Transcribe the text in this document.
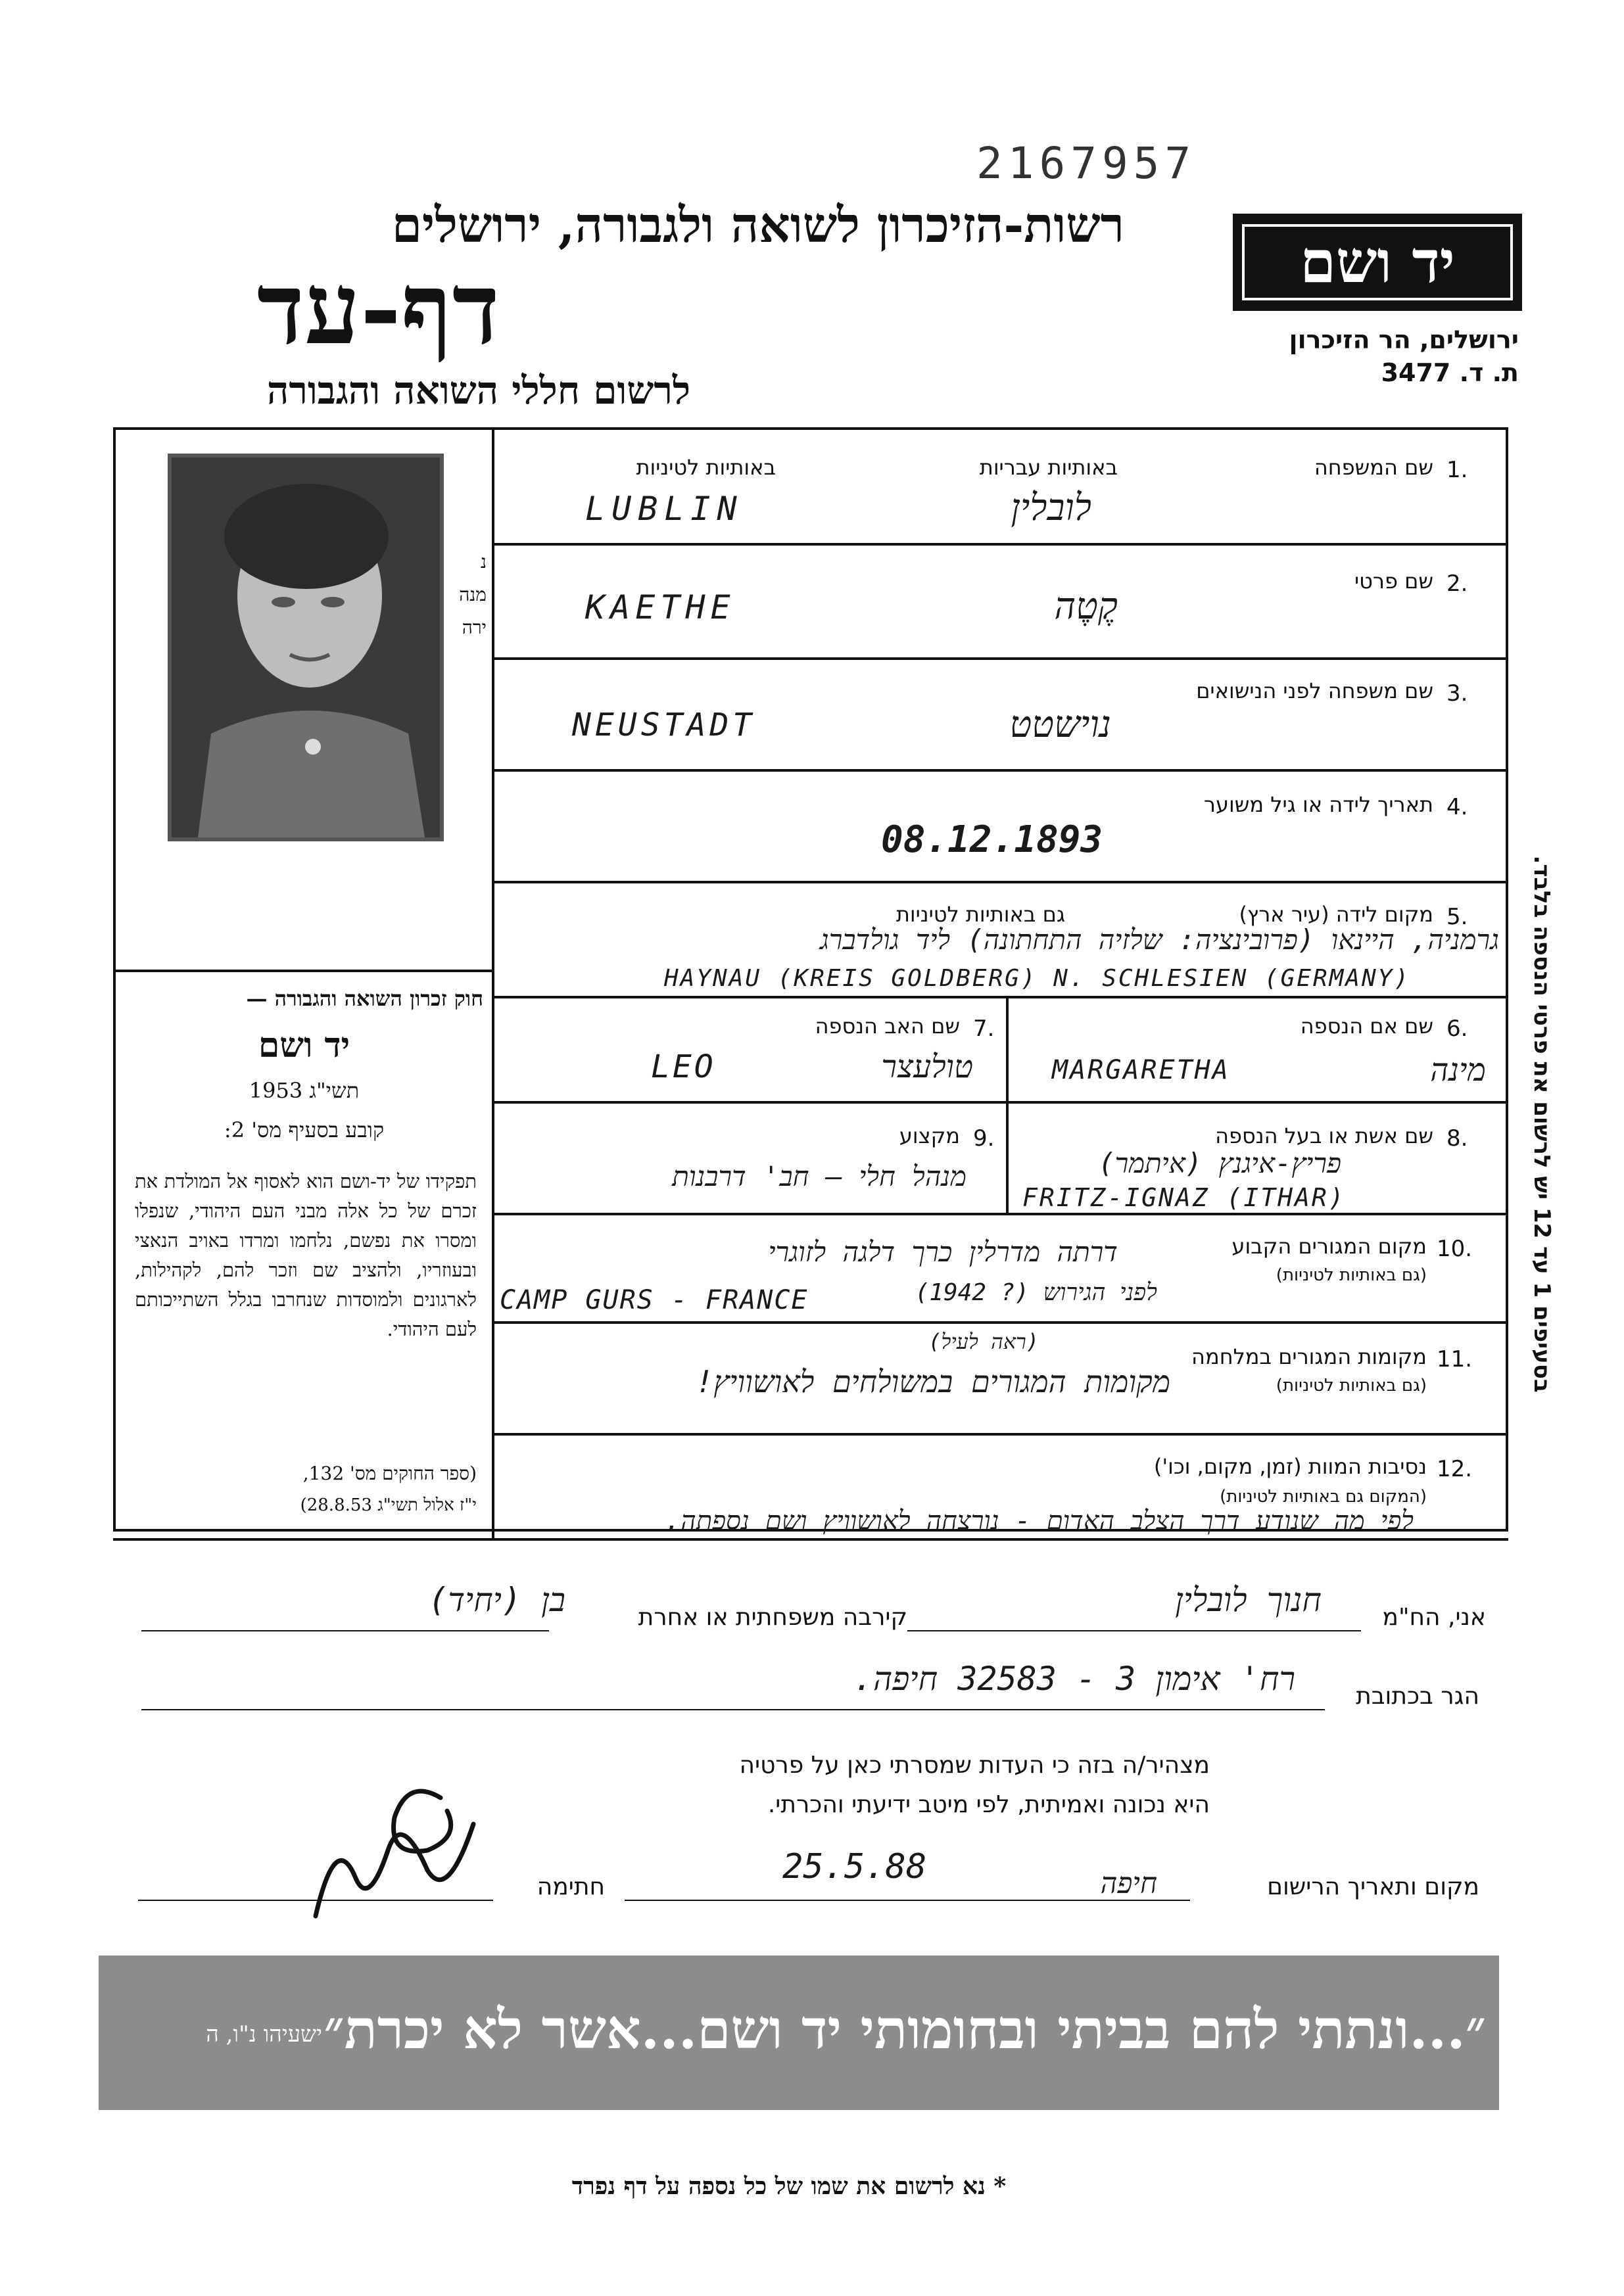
2167957
רשות-הזיכרון לשואה ולגבורה, ירושלים
דף-עד
לרשום חללי השואה והגבורה
יד ושם
ירושלים, הר הזיכרון
ת. ד. 3477
נ
מנה
ירה
חוק זכרון השואה והגבורה —
יד ושם
תשי"ג 1953
קובע בסעיף מס' 2:
תפקידו של יד-ושם הוא לאסוף אל המולדת את זכרם של כל אלה מבני העם היהודי, שנפלו ומסרו את נפשם, נלחמו ומרדו באויב הנאצי ובעוזריו, ולהציב שם וזכר להם, לקהילות, לארגונים ולמוסדות שנחרבו בגלל השתייכותם לעם היהודי.
(ספר החוקים מס' 132,
י"ז אלול תשי"ג 28.8.53)
1.
שם המשפחה
באותיות עבריות
באותיות לטיניות
LUBLIN	לובלין
2.
שם פרטי
KAETHE	קֶטֶה
3.
שם משפחה לפני הנישואים
NEUSTADT	נוישטט
4.
תאריך לידה או גיל משוער
08.12.1893
5.
מקום לידה (עיר ארץ)
גם באותיות לטיניות
גרמניה, היינאו (פרובינציה: שלזיה התחתונה) ליד גולדברג
HAYNAU (KREIS GOLDBERG) N. SCHLESIEN (GERMANY)
6.
שם אם הנספה
MARGARETHA	מינה
7.
שם האב הנספה
LEO	טולעצר
8.
שם אשת או בעל הנספה
פריץ-איגנץ (איתמר)
FRITZ-IGNAZ (ITHAR)
9.
מקצוע
מנהל חלי — חב' דרבנות
10.
מקום המגורים הקבוע
(גם באותיות לטיניות)
דרתה מדרלין כרך דלגה לזוגרי
לפני הגירוש (? 1942)
CAMP GURS - FRANCE
11.
מקומות המגורים במלחמה
(גם באותיות לטיניות)
(ראה לעיל)
מקומות המגורים במשולחים לאושוויץ!
12.
נסיבות המוות (זמן, מקום, וכו')
(המקום גם באותיות לטיניות)
לפי מה שנודע דרך הצלב האדום - נורצחה לאושוויץ ושם נספתה.
בסעיפים 1 עד 12 יש לרשום את פרטי הנספה בלבד.
אני, הח"מ
חנוך לובלין
קירבה משפחתית או אחרת
בן (יחיד)
הגר בכתובת
רח' אימון 3 - 32583 חיפה.
מצהיר/ה בזה כי העדות שמסרתי כאן על פרטיה
היא נכונה ואמיתית, לפי מיטב ידיעתי והכרתי.
מקום ותאריך הרישום
25.5.88	חיפה
חתימה
״...ונתתי להם בביתי ובחומותי יד ושם...אשר לא יכרת״
ישעיהו נ"ו, ה
* נא לרשום את שמו של כל נספה על דף נפרד
